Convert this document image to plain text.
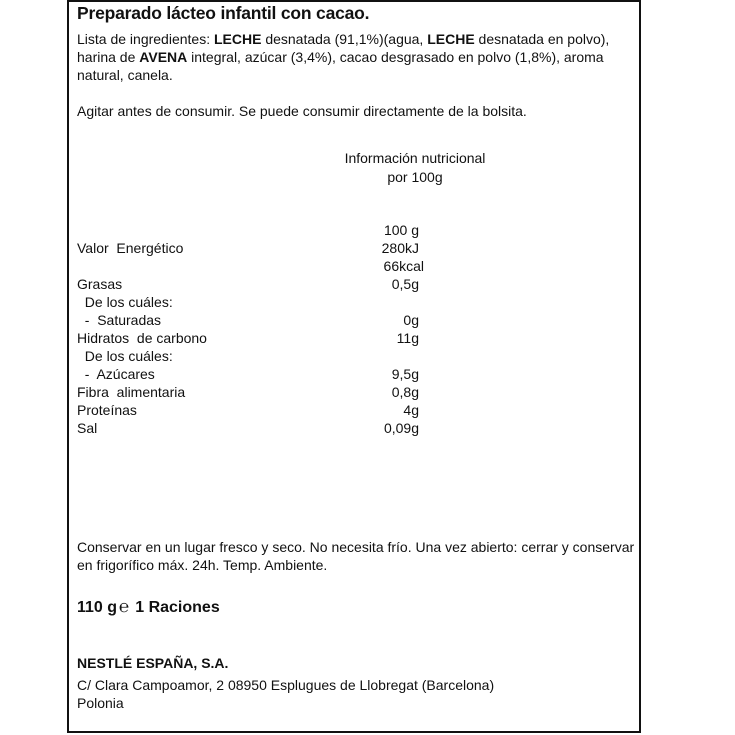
Preparado lácteo infantil con cacao.
Lista de ingredientes: LECHE desnatada (91,1%)(agua, LECHE desnatada en polvo), harina de AVENA integral, azúcar (3,4%), cacao desgrasado en polvo (1,8%), aroma natural, canela.
Agitar antes de consumir. Se puede consumir directamente de la bolsita.
Información nutricional
por 100g
100 g
Valor  Energético	280kJ
66kcal
Grasas	0,5g
De los cuáles:
-  Saturadas	0g
Hidratos  de carbono	11g
De los cuáles:
-  Azúcares	9,5g
Fibra  alimentaria	0,8g
Proteínas	4g
Sal	0,09g
Conservar en un lugar fresco y seco. No necesita frío. Una vez abierto: cerrar y conservar en frigorífico máx. 24h. Temp. Ambiente.
110 g ℮ 1 Raciones
NESTLÉ ESPAÑA, S.A.
C/ Clara Campoamor, 2 08950 Esplugues de Llobregat (Barcelona)
Polonia
